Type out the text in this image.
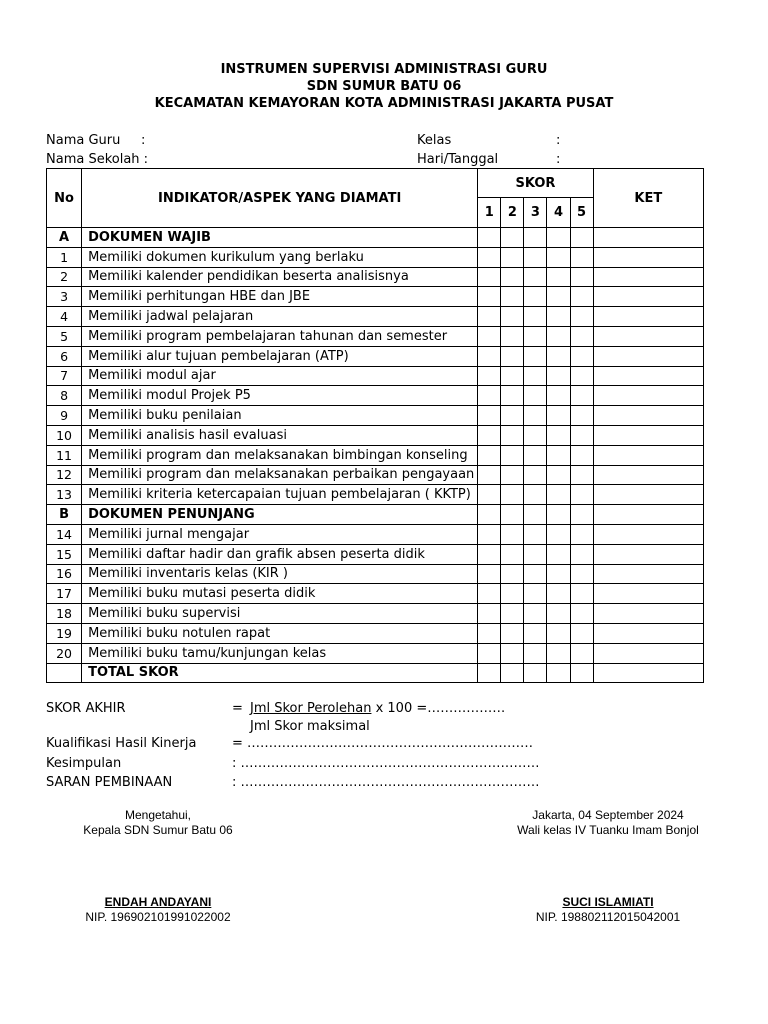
INSTRUMEN SUPERVISI ADMINISTRASI GURU
SDN SUMUR BATU 06
KECAMATAN KEMAYORAN KOTA ADMINISTRASI JAKARTA PUSAT
Nama Guru     :
Nama Sekolah :
Kelas	:
Hari/Tanggal	:
No	INDIKATOR/ASPEK YANG DIAMATI	SKOR					KET
		1	2	3	4	5	
A	DOKUMEN WAJIB						
1	Memiliki dokumen kurikulum yang berlaku						
2	Memiliki kalender pendidikan beserta analisisnya						
3	Memiliki perhitungan HBE dan JBE						
4	Memiliki jadwal pelajaran						
5	Memiliki program pembelajaran tahunan dan semester						
6	Memiliki alur tujuan pembelajaran (ATP)						
7	Memiliki modul ajar						
8	Memiliki modul Projek P5						
9	Memiliki buku penilaian						
10	Memiliki analisis hasil evaluasi						
11	Memiliki program dan melaksanakan bimbingan konseling						
12	Memiliki program dan melaksanakan perbaikan pengayaan						
13	Memiliki kriteria ketercapaian tujuan pembelajaran ( KKTP)						
B	DOKUMEN PENUNJANG						
14	Memiliki jurnal mengajar						
15	Memiliki daftar hadir dan grafik absen peserta didik						
16	Memiliki inventaris kelas (KIR )						
17	Memiliki buku mutasi peserta didik						
18	Memiliki buku supervisi						
19	Memiliki buku notulen rapat						
20	Memiliki buku tamu/kunjungan kelas						
	TOTAL SKOR						
SKOR AKHIR	= Jml Skor Perolehan x 100 =………………
Jml Skor maksimal
Kualifikasi Hasil Kinerja	= …………………………………………………………
Kesimpulan	: ……………………………………………………………
SARAN PEMBINAAN	: ……………………………………………………………
Mengetahui,
Kepala SDN Sumur Batu 06
ENDAH ANDAYANI
NIP. 196902101991022002
Jakarta, 04 September 2024
Wali kelas IV Tuanku Imam Bonjol
SUCI ISLAMIATI
NIP. 198802112015042001
